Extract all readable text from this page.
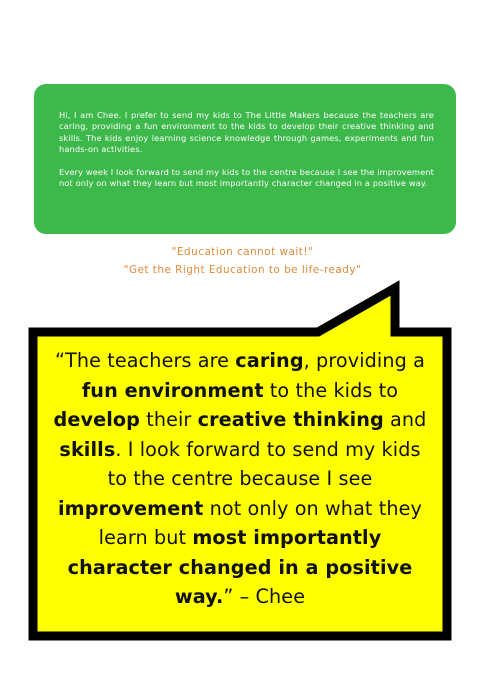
Hi, I am Chee. I prefer to send my kids to The Little Makers because the teachers are caring, providing a fun environment to the kids to develop their creative thinking and skills. The kids enjoy learning science knowledge through games, experiments and fun hands-on activities.

Every week I look forward to send my kids to the centre because I see the improvement not only on what they learn but most importantly character changed in a positive way.

"Education cannot wait!"
"Get the Right Education to be life-ready"
“The teachers are caring, providing a fun environment to the kids to develop their creative thinking and skills. I look forward to send my kids to the centre because I see improvement not only on what they learn but most importantly character changed in a positive way.” – Chee
